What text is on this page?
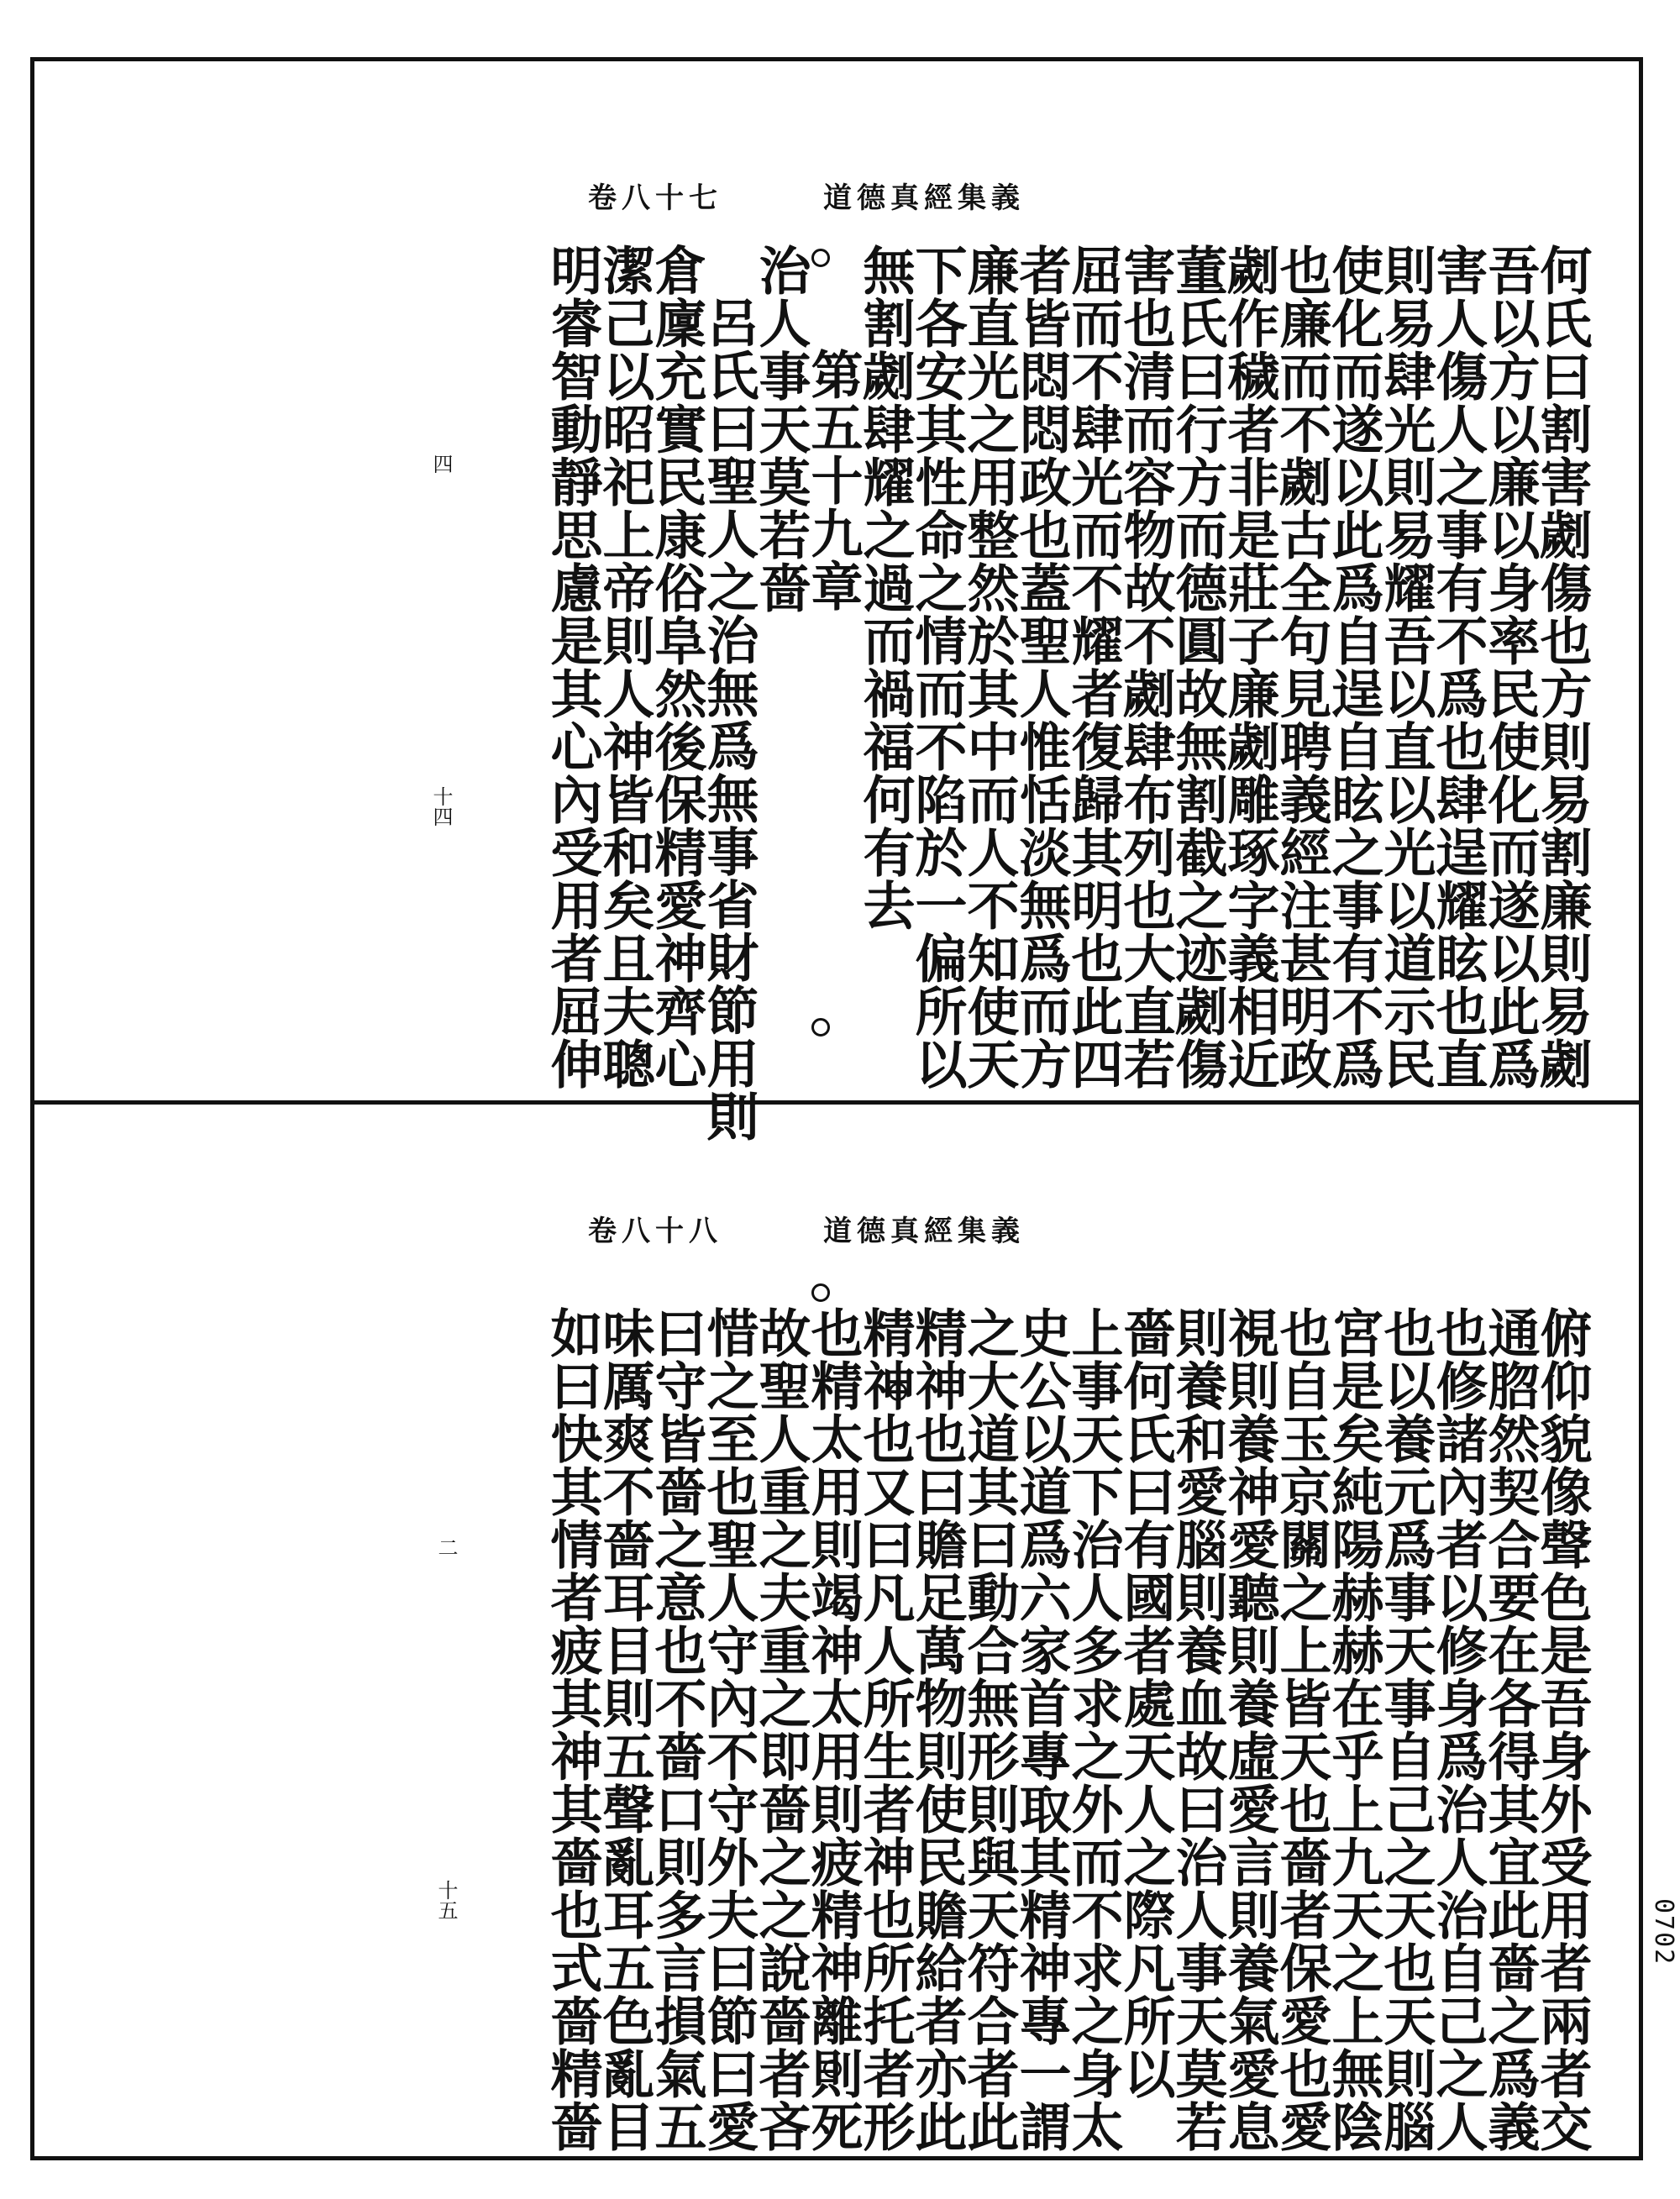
道德真經集義
卷八十七
四
十四	何氏曰割害劌傷也方則易割廉則易劌
吾以方以廉以身率民使化而遂以此爲
害人傷人之事有不爲也肆逞耀眩也直
則易肆光則易耀吾以直以光以道示民
使化而遂以此爲自逞自眩之事有不爲
也廉而不劌古全句見聘義經注甚明政
劌作穢者非是莊子廉劌雕琢字義相近
董氏曰行方而德圓故無割截之迹劌傷
害也清而容物故不劌肆布列也大直若
屈而不肆光而不耀者復歸其明也此四
者皆悶悶政也蓋聖人惟恬淡無爲而方
廉直光之用整然於其中而人不知使天
下各安其性命之情而不陷於一偏所以
無割劌肆耀之過而禍福何有去
第五十九章
治人事天莫若嗇
呂氏曰聖人之治無爲無事省財節用則
倉廩充實民康俗阜然後保精愛神齊心
潔己以昭祀上帝則人神皆和矣且夫聰
明睿智動靜思慮是其心內受用者屈伸
道德真經集義
卷八十八
二
十五	俯仰貌像聲色是吾身外受用者兩者交
通脗然契合要在各得其宜此嗇之爲義
也修諸內者以修身爲治人治自己之人
也以養元爲事天事自己之天也天則腦
宮是矣純陽赫赫在乎上九天之上無陰
也自玉京關之上皆天也嗇者保愛也愛
視則養神愛聽則養虛愛言則養氣愛息
則養和愛腦則養血故曰治人事天莫若
嗇何氏曰有國者處天人之際凡所以
上事天下治人多求之外而不求之身太
史公以道爲六家首專取其精神專一謂
之大道其曰動合無形則與天符合者此
精神也曰贍足萬物則使民贍給者亦此
精神也又曰凡人所生者神也所托者形
也精太用則竭神太用則疲精神離則死
故聖人重之夫重之即嗇之之說嗇者吝
惜之至也聖人守內不守外夫曰節曰愛
曰守皆嗇之意也不嗇口則多言損氣五
味厲爽不嗇耳目則五聲亂耳五色亂目
如曰快其情者疲其神其嗇也式嗇精嗇	0702
